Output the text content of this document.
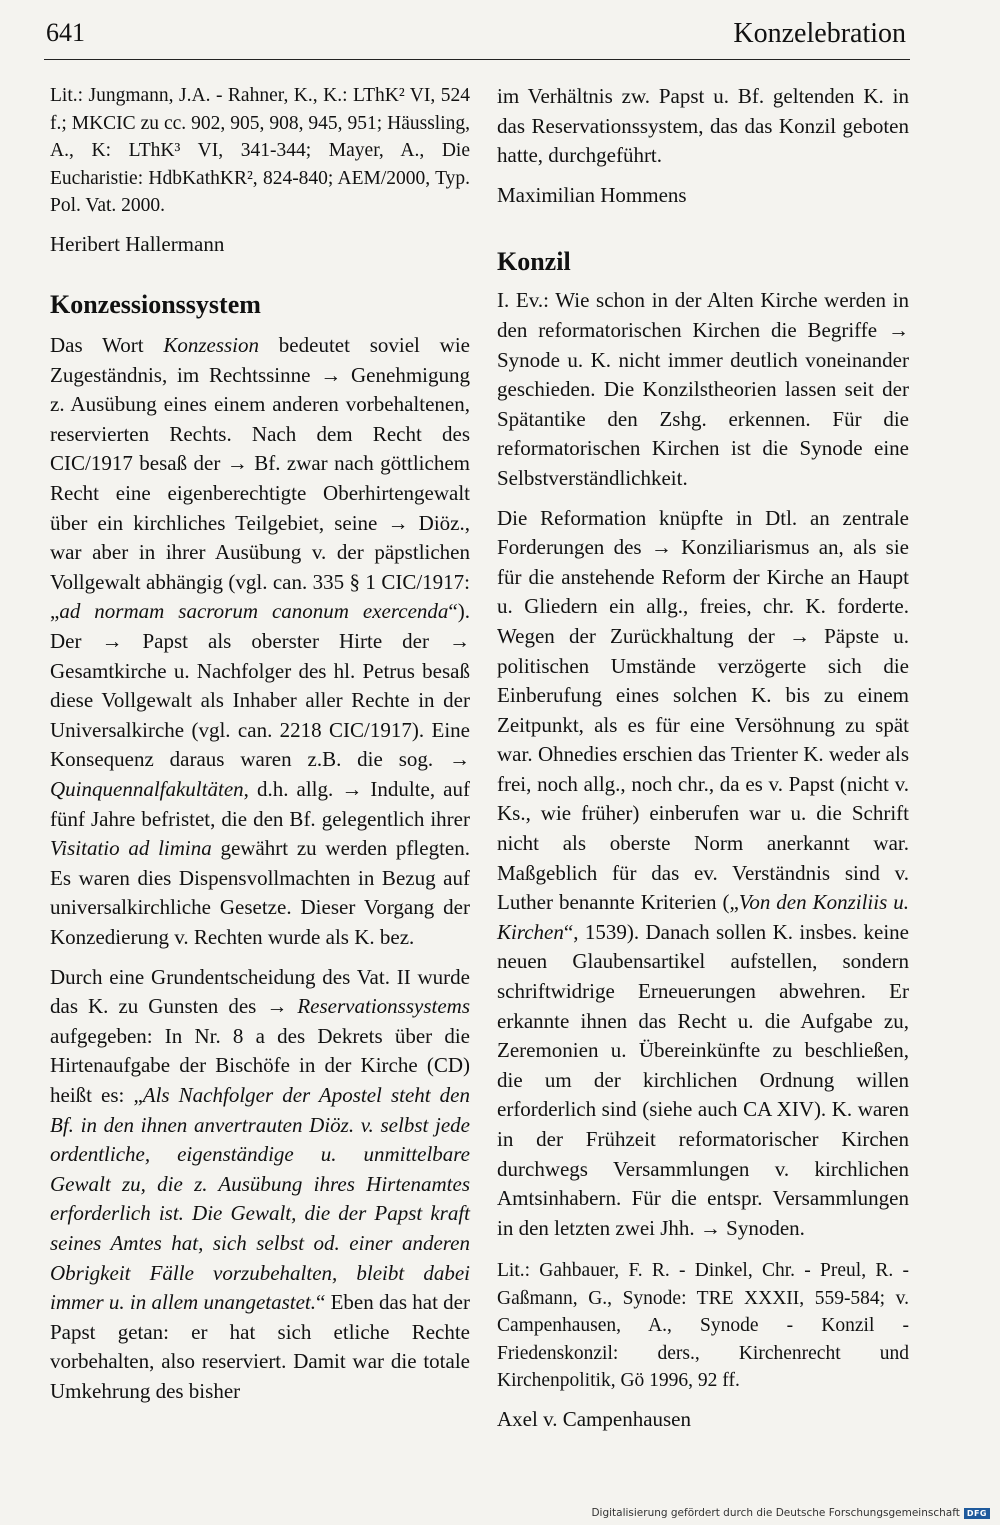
641	Konzelebration

Lit.: Jungmann, J.A. - Rahner, K., K.: LThK² VI, 524 f.; MKCIC zu cc. 902, 905, 908, 945, 951; Häussling, A., K: LThK³ VI, 341-344; Mayer, A., Die Eucharistie: HdbKathKR², 824-840; AEM/2000, Typ. Pol. Vat. 2000.

Heribert Hallermann

Konzessionssystem

Das Wort Konzession bedeutet soviel wie Zugeständnis, im Rechtssinne → Genehmigung z. Ausübung eines einem anderen vorbehaltenen, reservierten Rechts. Nach dem Recht des CIC/1917 besaß der → Bf. zwar nach göttlichem Recht eine eigenberechtigte Oberhirtengewalt über ein kirchliches Teilgebiet, seine → Diöz., war aber in ihrer Ausübung v. der päpstlichen Vollgewalt abhängig (vgl. can. 335 § 1 CIC/1917: „ad normam sacrorum canonum exercenda“). Der → Papst als oberster Hirte der → Gesamtkirche u. Nachfolger des hl. Petrus besaß diese Vollgewalt als Inhaber aller Rechte in der Universalkirche (vgl. can. 2218 CIC/1917). Eine Konsequenz daraus waren z.B. die sog. → Quinquennalfakultäten, d.h. allg. → Indulte, auf fünf Jahre befristet, die den Bf. gelegentlich ihrer Visitatio ad limina gewährt zu werden pflegten. Es waren dies Dispensvollmachten in Bezug auf universalkirchliche Gesetze. Dieser Vorgang der Konzedierung v. Rechten wurde als K. bez.

Durch eine Grundentscheidung des Vat. II wurde das K. zu Gunsten des → Reservationssystems aufgegeben: In Nr. 8 a des Dekrets über die Hirtenaufgabe der Bischöfe in der Kirche (CD) heißt es: „Als Nachfolger der Apostel steht den Bf. in den ihnen anvertrauten Diöz. v. selbst jede ordentliche, eigenständige u. unmittelbare Gewalt zu, die z. Ausübung ihres Hirtenamtes erforderlich ist. Die Gewalt, die der Papst kraft seines Amtes hat, sich selbst od. einer anderen Obrigkeit Fälle vorzubehalten, bleibt dabei immer u. in allem unangetastet.“ Eben das hat der Papst getan: er hat sich etliche Rechte vorbehalten, also reserviert. Damit war die totale Umkehrung des bisher

im Verhältnis zw. Papst u. Bf. geltenden K. in das Reservationssystem, das das Konzil geboten hatte, durchgeführt.

Maximilian Hommens

Konzil

I. Ev.: Wie schon in der Alten Kirche werden in den reformatorischen Kirchen die Begriffe → Synode u. K. nicht immer deutlich voneinander geschieden. Die Konzilstheorien lassen seit der Spätantike den Zshg. erkennen. Für die reformatorischen Kirchen ist die Synode eine Selbstverständlichkeit.

Die Reformation knüpfte in Dtl. an zentrale Forderungen des → Konziliarismus an, als sie für die anstehende Reform der Kirche an Haupt u. Gliedern ein allg., freies, chr. K. forderte. Wegen der Zurückhaltung der → Päpste u. politischen Umstände verzögerte sich die Einberufung eines solchen K. bis zu einem Zeitpunkt, als es für eine Versöhnung zu spät war. Ohnedies erschien das Trienter K. weder als frei, noch allg., noch chr., da es v. Papst (nicht v. Ks., wie früher) einberufen war u. die Schrift nicht als oberste Norm anerkannt war. Maßgeblich für das ev. Verständnis sind v. Luther benannte Kriterien („Von den Konziliis u. Kirchen“, 1539). Danach sollen K. insbes. keine neuen Glaubensartikel aufstellen, sondern schriftwidrige Erneuerungen abwehren. Er erkannte ihnen das Recht u. die Aufgabe zu, Zeremonien u. Übereinkünfte zu beschließen, die um der kirchlichen Ordnung willen erforderlich sind (siehe auch CA XIV). K. waren in der Frühzeit reformatorischer Kirchen durchwegs Versammlungen v. kirchlichen Amtsinhabern. Für die entspr. Versammlungen in den letzten zwei Jhh. → Synoden.

Lit.: Gahbauer, F. R. - Dinkel, Chr. - Preul, R. - Gaßmann, G., Synode: TRE XXXII, 559-584; v. Campenhausen, A., Synode - Konzil - Friedenskonzil: ders., Kirchenrecht und Kirchenpolitik, Gö 1996, 92 ff.

Axel v. Campenhausen

Digitalisierung gefördert durch die Deutsche Forschungsgemeinschaft DFG
